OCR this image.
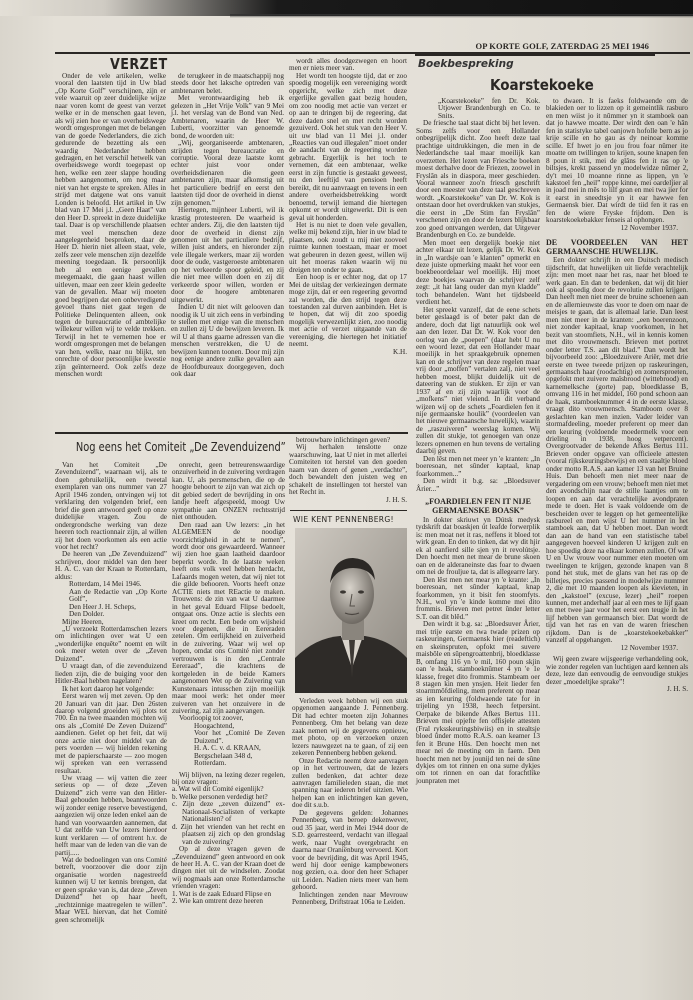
OP KORTE GOLF, ZATERDAG 25 MEI 1946
VERZET

Onder de vele artikelen, welke vooral den laatsten tijd in Uw blad „Op Korte Golf” verschijnen, zijn er vele waaruit op zeer duidelijke wijze naar voren komt de geest van verzet welke er in de menschen gaat leven, als wij zien hoe er van overheidswege wordt omgesprongen met de belangen van de goede Nederlanders, die zich gedurende de bezetting als een waardig Nederlander hebben gedragen, en het verschil hetwelk van overheidswege wordt toegepast op hen, welke een zeer slappe houding hebben aangenomen, om nog maar niet van het ergste te spreken. Alles in strijd met datgene wat ons vanuit Londen is beloofd. Het artikel in Uw blad van 17 Mei j.l. „Geen Haat” van den Heer D. spreekt in deze duidelijke taal. Daar is op verschillende plaatsen met veel menschen deze aangelegenheid besproken, daar de Heer D. hierin niet alleen staat, vele, zelfs zeer vele menschen zijn dezelfde meening toegedaan. Ik persoonlijk heb al een eenige gevallen meegemaakt, die gaan haast willen uitleven, maar een zeer klein gedeelte van de gevallen. Maar wij moeten goed begrijpen dat een onbevredigend gevoel thans niet gaat tegen de Politieke Delinquenten alleen, ook tegen de bureaucratie of ambtelijke willekeur willen wij te velde trekken. Terwijl in het te vernemen hoe er wordt omgesprongen met de belangen van hen, welke, naar nu blijkt, ten onrechte of door persoonlijke kwestie zijn geïnterneerd. Ook zelfs deze menschen wordt

de terugkeer in de maatschappij nog steeds door het laksche optreden van ambtenaren belet.

Met verontwaardiging heb ik gelezen in „Het Vrije Volk” van 9 Mei j.l. het verslag van de Bond van Ned. Ambtenaren, waarin de Heer W. Luberti, voorzitter van genoemde bond, de woorden uit:

„Wij, georganiseerde ambtenaren, strijden tegen bureaucratie en corruptie. Vooral deze laatste komt echter juist voor onder overheidsdienaren die geen ambtenaren zijn, maar afkomstig uit het particuliere bedrijf en eerst den laatsten tijd door de overheid in dienst zijn genomen.”

Hiertegen, mijnheer Luberti, wil ik krastig protesteeren. De waarheid is echter anders. Zij, die den laatsten tijd door de overheid in dienst zijn genomen uit het particuliere bedrijf, willen juist anders, en hieronder zijn vele illegale werkers, maar zij worden door de oude, vastgeroeste ambtenaren op het verkeerde spoor geleid, en zij die niet mee willen doen en zij dit verkeerde spoor willen, worden er door de hoogere ambtenaren uitgewerkt.

Indien U dit niet wilt gelooven dan noodig ik U uit zich eens in verbinding te stellen met enige van die menschen en zullen zij U de bewijzen leveren. Ik wil U al thans gaarne adressen van die menschen verstrekken, die U de bewijzen kunnen toonen. Door mij zijn nog eenige andere zulke gevallen aan de Hoofdbureaux doorgegeven, doch ook daar

wordt alles doodgezwegen en hoort men er niets meer van.

Het wordt ten hoogste tijd, dat er zoo spoedig mogelijk een vereeniging wordt opgericht, welke zich met deze ergerlijke gevallen gaat bezig houden, om zoo noodig met actie van verzet er op aan te dringen bij de regeering, dat deze daden snel en met recht worden gezuiverd. Ook het stuk van den Heer V. uit uw blad van 11 Mei j.l. onder „Reacties van oud illegalen” moet onder de aandacht van de regeering worden gebracht. Ergerlijk is het toch te vernemen, dat een ambtenaar, welke eerst in zijn functie is gestaakt geweest, nu den leeftijd van pensioen heeft bereikt, dit nu aanvraagt en tevens in een andere overheidsbetrekking wordt benoemd, terwijl iemand die hiertegen opkomt er wordt uitgewerkt. Dit is een geval uit honderden.

Het is nu niet te doen vele gevallen, welke mij bekend zijn, hier in uw blad te plaatsen, ook zoudt u mij niet zooveel ruimte kunnen toestaan, maar er moet wat gebeuren in dezen geest, willen wij uit het moeras raken waarin wij nu dreigen ten onder te gaan.

Een hoop is er echter nog, dat op 17 Mei de uitslag der verkiezingen dermate moge zijn, dat er een regeering gevormd zal worden, die den strijd tegen deze toestanden zal durven aanbinden. Het is te hopen, dat wij dit zoo spoedig mogelijk verwezenlijkt zien, zoo noodig met actie of verzet uitgaande van de vereeniging, die hiertegen het initiatief neemt.

K.H.

Nog eens het Comiteit „De Zevenduizend”

Van het Comiteit „De Zevenduizend”, waarnaan wij, als te doen gebruikelijk, een tweetal exemplaren van ons nummer van 27 April 1946 zonden, ontvingen wij tot verklaring den volgenden brief, een brief die geen antwoord geeft op onze duidelijke vragen. Zou de ondergrondsche werking van deze heeren toch reactionnair zijn, al willen zij het doen voorkomen als een actie voor het recht?

De heeren van „De Zevenduizend” schrijven, door middel van den heer H. A. C. van der Kraan te Rotterdam, aldus:

Rotterdam, 14 Mei 1946.

Aan de Redactie van „Op Korte Golf”,

Den Heer J. H. Scheps,

Den Dolder.

Mijne Heeren,

„U verzoekt Rotterdamschen lezers om inlichtingen over wat U een „wonderlijke enquête” noemt en wilt ook meer weten over de „Zeven Duizend”.

U vraagt dan, of die zevenduizend lieden zijn, die de buiging voor den Hitler-Baal hebben nagelaten?

Ik het kort daarop het volgende:

Eerst waren wij met zeven. Op den 20 Januari van dit jaar. Den 26sten daarop volgend groeiden wij plots tot 700. En na twee maanden mochten wij ons als „Comité De Zeven Duizend” aandienen. Gelet op het feit, dat wij onze actie niet door middel van de pers voerden — wij hielden rekening met de papierschaarste — zoo mogen wij spreken van een verrassend resultaat.

Uw vraag — wij vatten die zeer serieus op — of deze „Zeven Duizend” zich verre van den Hitler-Baal gehouden hebben, beantwoorden wij zonder eenige reserve bevestigend, aangezien wij onze leden enkel aan de hand van voorwaarden aannemen, dat U dat zelfde van Uw lezers hierdoor kunt verklaren — of omtrent h.v. de helft maar van de leden van die van de partij.....

Wat de bedoelingen van ons Comité betreft, voorzoover die door zijn organisatie worden nagestreefd kunnen wij U ter kennis brengen, dat er geen sprake van is, dat deze „Zeven Duizend” het op haar heeft, „rechtzinnige maatregelen te willen”. Maar WEL hiervan, dat het Comité geen schromelijk

onrecht, geen betreurenswaardige onzuiverheid in de zuivering verdragen kan. U, als persmenschen, die op de hoogte behoort te zijn van wat zich op dit gebied sedert de bevrijding in ons landje heeft afgespeeld, moogt Uw sympathie aan ONZEN rechtsstrijd niet onthouden.

Den raad aan Uw lezers: „in het ALGEMEEN de noodige voorzichtigheid in acht te nemen”, wordt door ons gewaardeerd. Wanneer wij zien hoe gaan laatheid daardoor beperkt worde. In de laatste weken heeft ons volk veel hebben herdacht, Lafaards mogen weten, dat wij niet tot die gilde behooren. Voorts heeft onze ACTIE niets met REactie te maken. Trouwens: de zin van wat U daarmee in het geval Eduard Flipse bedoelt, ontgaat ons. Onze actie is slechts een kreet om recht. Een bede om wijsheid voor degenen, die in Eereraden zetelen. Om eerlijkheid en zuiverheid in de zuivering. Waar wij wel op hopen, omdat ons Comité niet zonder vertrouwen is in den „Centrale Eereraad”, die krachtens de kortgeleden in de beide Kamers aangenomen Wet op de Zuivering van Kunstenaars intusschen zijn moeilijk maar mooi werk: het onder meer zuiveren van het onzuivere in de zuivering, zal zijn aangevangen.

Voorloopig tot zoover,

Hoogachtend,

Voor het „Comité De Zeven Duizend”.

H. A. C. v. d. KRAAN,

Bergschelaan 348 d,

Rotterdam.

Wij blijven, na lezing dezer regelen, bij onze vragen:

a. Wat wil dit Comité eigenlijk?

b. Welke personen verdedigt het?

c. Zijn deze „zeven duizend” ex-Nationaal-Socialisten of verkapte Nationalisten? of

d. Zijn het vrienden van het recht en plaatsen zij zich op den grondslag van de zuivering?

Op al deze vragen geven de „Zevenduizend” geen antwoord en ook de heer H. A. C. van der Kraan doet de dingen niet uit de windselen. Zoodat wij nogmaals aan onze Rotterdamsche vrienden vragen:

1. Wat is de zaak Eduard Flipse en

2. Wie kan omtrent deze heeren

betrouwbare inlichtingen geven?

Wij herhalen tenslotte onze waarschuwing, laat U niet in met allerlei Comiteiten tot herstel van den goeden naam van dezen of genen „verdachte”, doch bewandelt den juisten weg en schakelt de instellingen tot herstel van het Recht in.

J. H. S.

WIE KENT PENNENBERG!

Verleden week hebben wij een stuk opgenomen aangaande J. Pennenberg. Dit had echter moeten zijn Johannes Pennenberg. Om het belang van deze zaak nemen wij de gegevens opnieuw, met photo, op en verzoeken onzen lezers nauwgezet na te gaan, of zij een zekeren Pennenberg hebben gekend.

Onze Redactie neemt deze aanvragen op in het vertrouwen, dat de lezers zullen bedenken, dat achter deze aanvragen familieleden staan, die met spanning naar iederen brief uitzien. Wie helpen kan en inlichtingen kan geven, doe dit s.u.b.

De gegevens gelden: Johannes Pennenberg, van beroep dekenwever, oud 35 jaar, werd in Mei 1944 door de S.D. gearresteerd, verdacht van illegaal werk, naar Vught overgebracht en daarna naar Oraniënburg vervoerd. Kort voor de bevrijding, dit was April 1945, werd hij door eenige kampbewoners nog gezien, o.a. door den heer Schaper uit Leiden. Nadien niets meer van hem gehoord.

Inlichtingen zenden naar Mevrouw Pennenberg, Driftstraat 106a te Leiden.

Boekbespreking
Koarstekoeke

„Koarstekoeke” fen Dr. Kok. Utjower Brandenburgh en Co. te Snits.

De friesche taal staat dicht bij het leven. Soms zelfs voor een Hollander onbegrijpelijk dicht. Zoo heeft deze taal prachtige uitdrukkingen, die men in de Nederlandsche taal maar moeilijk kan overzetten. Het lezen van Friesche boeken moest derhalve door de Friezen, zoowel in Fryslân als in diaspora, meer geschieden. Vooral wanneer zoo'n friesch geschrift door een meester van deze taal geschreven wordt. „Koarstekoeke” van Dr. W. Kok is ontstaan door het overdrukken van stukjes, die eerst in „De Stim fan Fryslân” verschenen zijn en door de lezers blijkbaar zoo goed ontvangen werden, dat Uitgever Brandenburgh en Co. ze bundelde.

Men moet een dergelijk boekje niet achter elkaar uit lezen, gelijk Dr. W. Kok in „In wardsje oan 'e klanten” opmerkt en deze juiste opmerking maakt het voor een boekbeoordelaar wel moeilijk. Hij moet deze boekjes waarvan de schrijver zelf zegt: „it hat lang ouder dan myn kladde” toch behandelen. Want het tijdsbeeld verdient het.

Het spreekt vanzelf, dat de eene schets beter geslaagd is of beter pakt dan de andere, doch dat ligt natuurlijk ook wel aan den lezer. Dat Dr. W. Kok voor den oorlog van de „poepen” (daar hebt U nu een woord lezer, dat een Hollander maar moeilijk in het spraakgebruik opnemen kan en de schrijver van deze regelen maar vrij door „moffen” vertalen zal), niet veel hebben moest, blijkt duidelijk uit de dateering van de stukken. Er zijn er van 1937 af en zij zijn waarlijk voor de „mofkens” niet vleiend. In dit verband wijzen wij op de schets „Foardielen fen it nije germaanske houlik” (voordeelen van het nieuwe germaansche huwelijk), waarin de „raszuiveren” weerslag komen. Wij zullen dit stukje, tot genoegen van onze lezers opnemen en hun tevens de vertaling daarbij geven.

Den lêst men net meer yn 'e kranten: „In boeresoan, net sûnder kaptaal, knap foarkommen...”

Den wirdt it b.g. sa: „Bloedsuver Ârier...”

„FOARDIELEN FEN IT NIJE GERMAENSKE BOASK”

In dokter skriuwt yn Dútsk medysk tydskrift dat boaskjen út leafde forwerplik is: men moat net it ras, neffens it bloed tot wirk gean. En den to tinken, dat wy dit hjir ek al oanfierd sille sjen yn it revolútsje. Den hoecht men net mear de brune skoen oan en de alderaneinste das foar to dwaen om nei de frouljue ta, dat is allegearre lary.

Den lêst men net mear yn 'e krante: „In boeresoan, net sûnder kaptaal, knap foarkommen, yn it bisit fen stoomfyts. N.H., wol yn 'e kinde komme mei dito frommis. Brieven met petret ûnder letter S.T. oan dit blêd.”

Den wirdt it b.g. sa: „Bloedsuver Ârier, mei trije earste en twa twade prizen op raskeuringen, Germaensk hier (readeftich) en skeinspruten, opfokt mei suvere maisbôle en sûpengroattenbrij, bloedklasse B, omfang 116 yn 'e mil, 160 poun skjin oan 'e heak, stamboeknûmer 4 yn 'e 1e klasse, freget dito frommis. Stambeam oer 8 stagen kin men ynsjen. Heit lieder fen stoarmmôfdieling, mem preferent op mear as ien keuring (foldwaende tate for in trijeling yn 1938, heech fetpersint. Oerpake de bikende Afkes Bertus 111. Brieven mei opjefte fen offisjele attesten (Fral ryksskeuringsbiwiis) en in stealtsje bloed ûnder motto R.A.S. oan keamer 13 fen it Brune Hûs. Den hoecht men net mear nei de meeting om in faem. Den hoecht men net by jounijd ten nei de sûne dykjes om tot rinnen en ona sume dykjes om tot rinnen en oan dat forachtlike jounpraten met

to dwaen. It is faeks foldwaende om de blakieden oer to lizzen op it gemeintlik rasburo en men wiist jo it nûmmer yn it stamboek oan dat jo hawwe moatte. Der wirdt den oan 'e hân fen in statistyke tabel oanjown hofolle bern as jo krije scille en ho gau as dy neinoar komme scille. Ef hwet jo en jou frou foar nûmer ite moatte om twillingen to krijen, soune knapen fen 8 poun it stik, mei de glâns fen it ras op 'e biltsjes, krekt passend yn modelwidze nûmer 2, dy't mei 10 moanne rinne as lippen, yn 'e kakstoel fen „heil” roppe kinne, mei oardeljier al in joad mei in mês to lilf gean en mei twa jier for it earst in sneedtsje yn it ear hawwe fen Germaensk bier. Dat wirdt de tiid fen it ras en fen de wiere Fryske frijdom. Den is koarstekoekebakker fenseis al ophongen.

12 November 1937.

DE VOORDEELEN VAN HET GERMAANSCHE HUWELIJK.

Een dokter schrijft in een Duitsch medisch tijdschrift, dat huwelijken uit liefde verachtelijk zijn: men moet naar het ras, naar het bloed te werk gaan. En dan te bedenken, dat wij dit hier ook al spoedig door de revolutie zullen krijgen. Dan heeft men niet meer de bruine schoenen aan en de allernieuwste das voor te doen om naar de meisjes te gaan, dat is allemaal larie. Dan leest men niet meer in de kranten: „een boerenzoon, niet zonder kapitaal, knap voorkomen, in het bezit van stoomfiets, N.H., wil in kennis komen met dito vrouwmensch. Brieven met portret onder letter T.S. aan dit blad.” Dan wordt het bijvoorbeeld zoo: „Bloedzuivere Ariër, met drie eerste en twee tweede prijzen op raskeuringen, germaansch haar (roodachtig) en zomersproeten, opgefokt met zuivere maïsbrood (wittebrood) en karnemelksche (gorte) pap, bloedklasse B, omvang 116 in het middel, 160 pond schoon aan de haak, stamboeknummer 4 in de eerste klasse, vraagt dito vrouwmensch. Stamboom over 8 geslachten kan men inzien. Vader leider van stormafdeeling, moeder preferent op meer dan een keuring (voldoende moedermelk voor een drieling in 1938, hoog vetpercent). Overgrootvader de bekende Afkes Bertus 111. Brieven onder opgave van officieele attesten (vooral rijkskeuringsbewijs) en een staaltje bloed onder motto R.A.S. aan kamer 13 van het Bruine Huis. Dan behoeft men niet meer naar de vergadering om een vrouw; behoeft men niet met den avondschijn naar de stille laantjes om te loopen en aan dat verachtelijke avondpraten mede te doen. Het is vaak voldoende om de bescheiden over te leggen op het gemeentelijke rasbureel en men wijst U het nummer in het stamboek aan, dat U hebben moet. Dan wordt dan aan de hand van een statistische tabel aangegeven hoeveel kinderen U krijgen zult en hoe spoedig deze na elkaar komen zullen. Of wat U en Uw vrouw voor nummer eten moeten om tweelingen te krijgen, gezonde knapen van 8 pond het stuk, met de glans van het ras op de billetjes, precies passend in modelwijze nummer 2, die met 10 maanden loopen als kievieten, in den „kakstoel” (excuse, lezer) „heil” roepen kunnen, met anderhalf jaar al een mes te lijf gaan en met twee jaar voor het eerst een teugje in het lijf hebben van germaansch bier. Dat wordt de tijd van het ras en van de waren frieschen rijkdom. Dan is de „koarstekoekebakker” vanzelf al opgehangen.

12 November 1937.

Wij geen zware wijsgeerige verhandeling ook, wie zonder regelen van luchtigen aard kennen als deze, leze dan eenvoudig de eenvoudige stukjes dezer „moedeltjke sprake”!

J. H. S.
